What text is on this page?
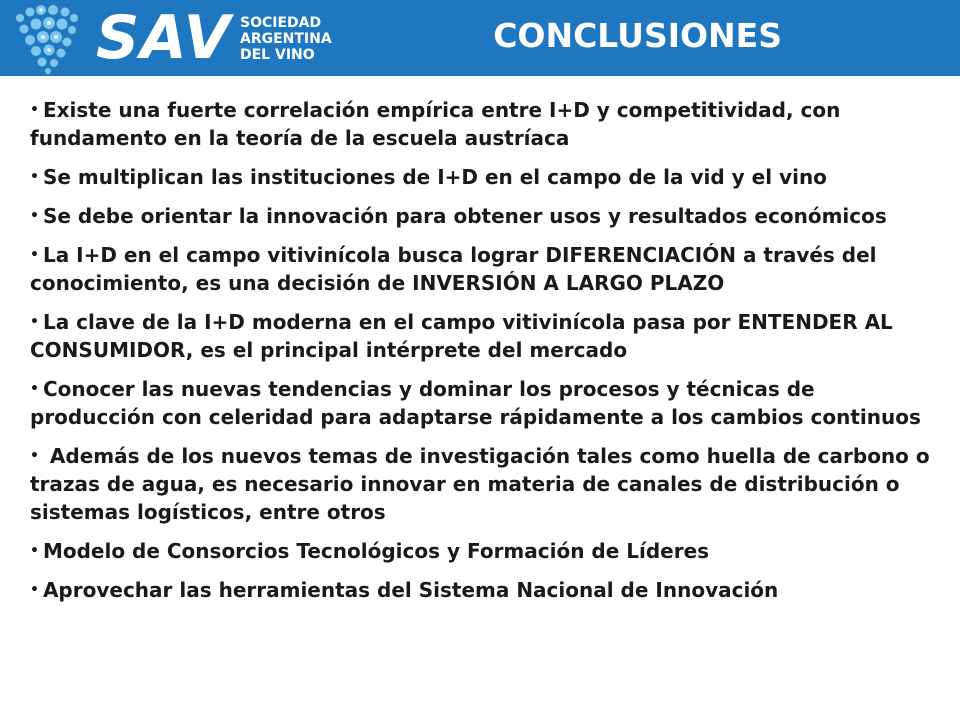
SAV SOCIEDAD
ARGENTINA
DEL VINO	CONCLUSIONES
• Existe una fuerte correlación empírica entre I+D y competitividad, con fundamento en la teoría de la escuela austríaca
• Se multiplican las instituciones de I+D en el campo de la vid y el vino
• Se debe orientar la innovación para obtener usos y resultados económicos
• La I+D en el campo vitivinícola busca lograr DIFERENCIACIÓN a través del conocimiento, es una decisión de INVERSIÓN A LARGO PLAZO
• La clave de la I+D moderna en el campo vitivinícola pasa por ENTENDER AL CONSUMIDOR, es el principal intérprete del mercado
• Conocer las nuevas tendencias y dominar los procesos y técnicas de producción con celeridad para adaptarse rápidamente a los cambios continuos
• Además de los nuevos temas de investigación tales como huella de carbono o trazas de agua, es necesario innovar en materia de canales de distribución o sistemas logísticos, entre otros
• Modelo de Consorcios Tecnológicos y Formación de Líderes
• Aprovechar las herramientas del Sistema Nacional de Innovación
